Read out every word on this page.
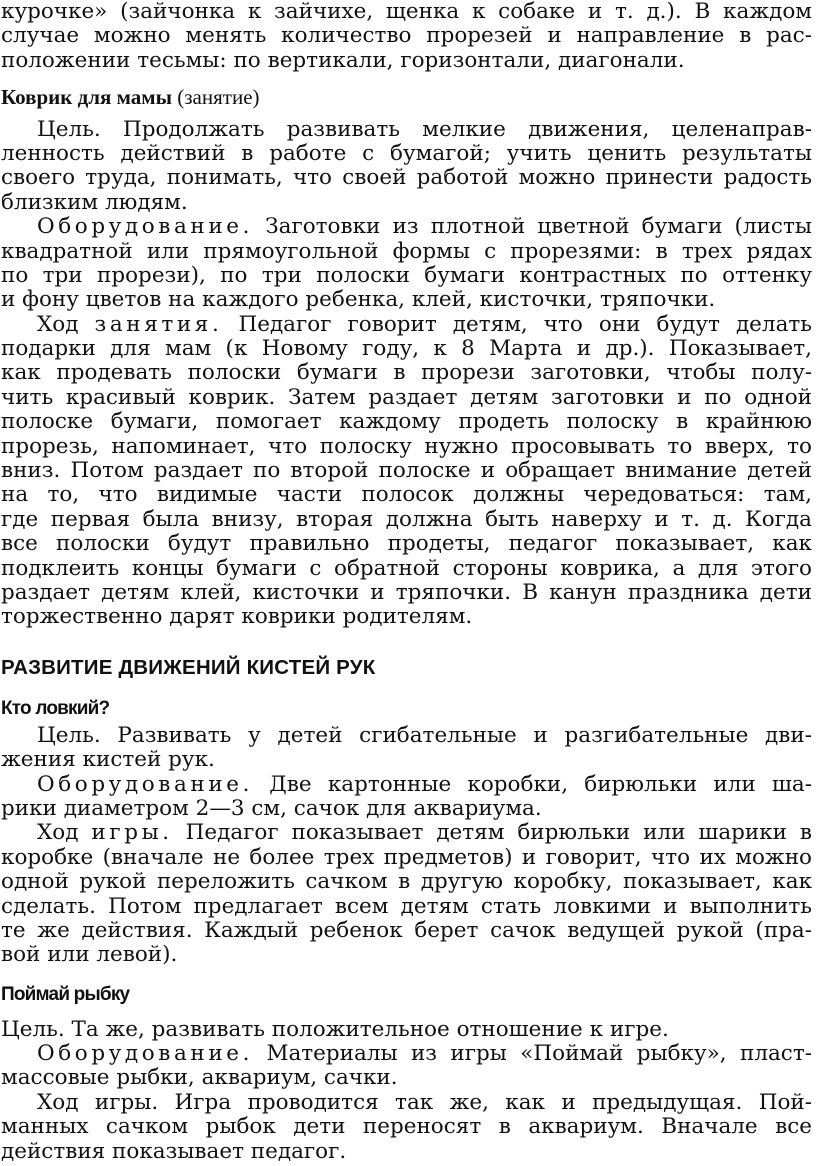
курочке» (зайчонка к зайчихе, щенка к собаке и т. д.). В каждом
случае можно менять количество прорезей и направление в рас-
положении тесьмы: по вертикали, горизонтали, диагонали.
Коврик для мамы (занятие)
Цель. Продолжать развивать мелкие движения, целенаправ-
ленность действий в работе с бумагой; учить ценить результаты
своего труда, понимать, что своей работой можно принести радость
близким людям.
Оборудование. Заготовки из плотной цветной бумаги (листы
квадратной или прямоугольной формы с прорезями: в трех рядах
по три прорези), по три полоски бумаги контрастных по оттенку
и фону цветов на каждого ребенка, клей, кисточки, тряпочки.
Ход занятия. Педагог говорит детям, что они будут делать
подарки для мам (к Новому году, к 8 Марта и др.). Показывает,
как продевать полоски бумаги в прорези заготовки, чтобы полу-
чить красивый коврик. Затем раздает детям заготовки и по одной
полоске бумаги, помогает каждому продеть полоску в крайнюю
прорезь, напоминает, что полоску нужно просовывать то вверх, то
вниз. Потом раздает по второй полоске и обращает внимание детей
на то, что видимые части полосок должны чередоваться: там,
где первая была внизу, вторая должна быть наверху и т. д. Когда
все полоски будут правильно продеты, педагог показывает, как
подклеить концы бумаги с обратной стороны коврика, а для этого
раздает детям клей, кисточки и тряпочки. В канун праздника дети
торжественно дарят коврики родителям.
РАЗВИТИЕ ДВИЖЕНИЙ КИСТЕЙ РУК
Кто ловкий?
Цель. Развивать у детей сгибательные и разгибательные дви-
жения кистей рук.
Оборудование. Две картонные коробки, бирюльки или ша-
рики диаметром 2—3 см, сачок для аквариума.
Ход игры. Педагог показывает детям бирюльки или шарики в
коробке (вначале не более трех предметов) и говорит, что их можно
одной рукой переложить сачком в другую коробку, показывает, как
сделать. Потом предлагает всем детям стать ловкими и выполнить
те же действия. Каждый ребенок берет сачок ведущей рукой (пра-
вой или левой).
Поймай рыбку
Цель. Та же, развивать положительное отношение к игре.
Оборудование. Материалы из игры «Поймай рыбку», пласт-
массовые рыбки, аквариум, сачки.
Ход игры. Игра проводится так же, как и предыдущая. Пой-
манных сачком рыбок дети переносят в аквариум. Вначале все
действия показывает педагог.
